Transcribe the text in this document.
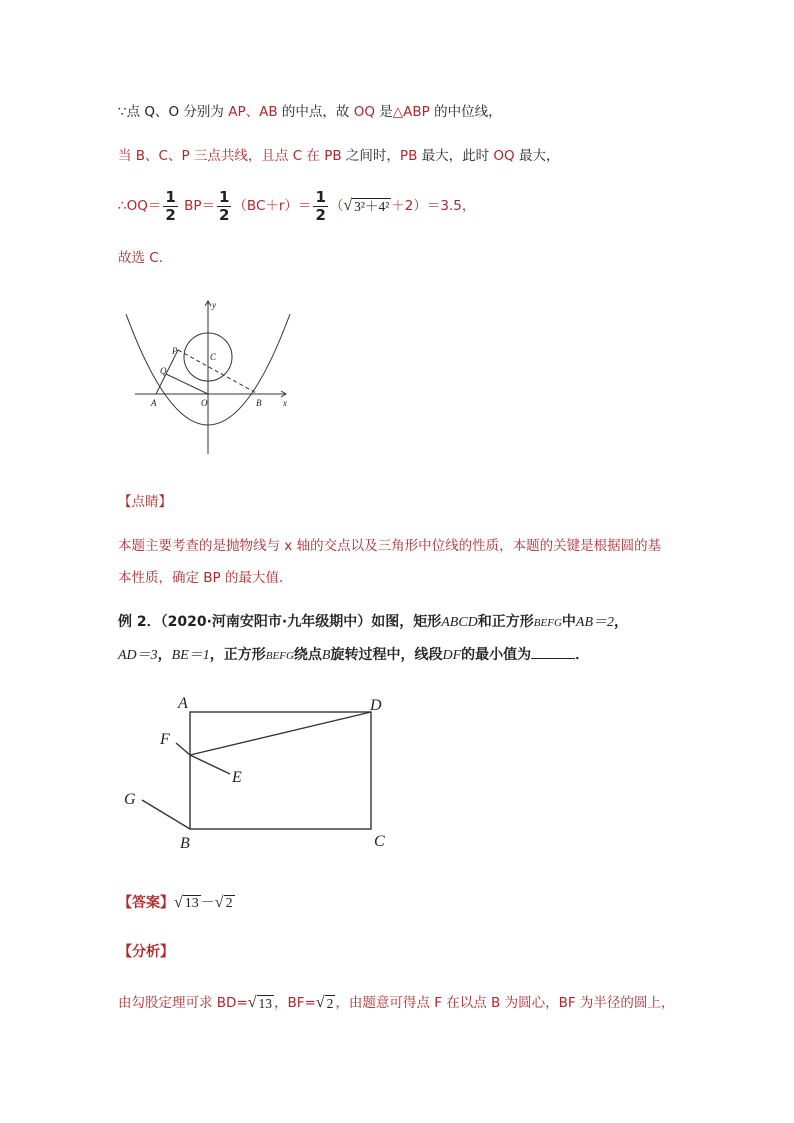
∵点 Q、O 分别为 AP、AB 的中点，故 OQ 是△ABP 的中位线，
当 B、C、P 三点共线，且点 C 在 PB 之间时，PB 最大，此时 OQ 最大，
∴OQ＝ $\frac{1}{2} BP= \frac{1}{2} (BC+r)= \frac{1}{2}$ （ √ 3²＋4² ＋2）＝3.5，
故选 C．
y
x
P
C
Q
A	O	B
【点睛】
本题主要考查的是抛物线与 x 轴的交点以及三角形中位线的性质，本题的关键是根据圆的基
本性质，确定 BP 的最大值．
例 2．（2020·河南安阳市·九年级期中）如图，矩形ABCD和正方形BEFG中AB＝2，
AD＝3，BE＝1，正方形BEFG绕点B旋转过程中，线段DF的最小值为	．
A	D
F
E
G
B	C
【答案】 √ 13 － √ 2
【分析】
由勾股定理可求 BD= √ 13 ，BF= √ 2 ，由题意可得点 F 在以点 B 为圆心，BF 为半径的圆上，
